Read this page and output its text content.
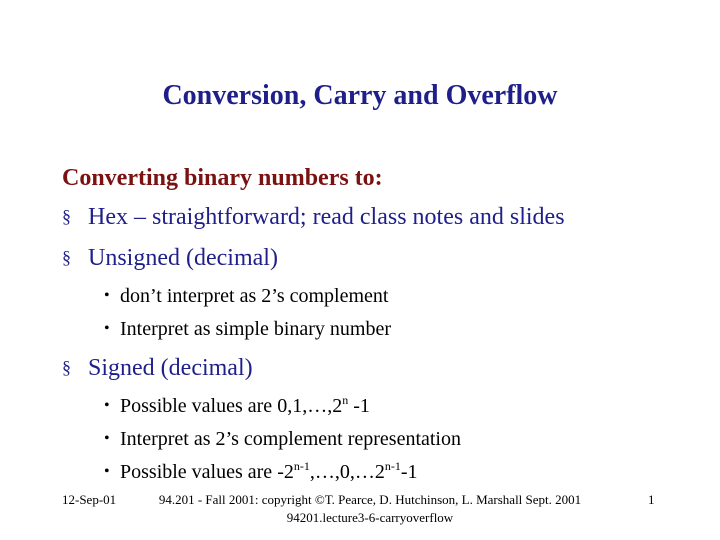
Conversion, Carry and Overflow
Converting binary numbers to:
§ Hex – straightforward; read class notes and slides
§ Unsigned (decimal)
• don’t interpret as 2’s complement
• Interpret as simple binary number
§ Signed (decimal)
• Possible values are 0,1,…,2$^n$ -1
• Interpret as 2’s complement representation
• Possible values are -2$^{n-1}$,…,0,…2$^{n-1}$-1
12-Sep-01	94.201 - Fall 2001: copyright ©T. Pearce, D. Hutchinson, L. Marshall Sept. 2001
94201.lecture3-6-carryoverflow
1
